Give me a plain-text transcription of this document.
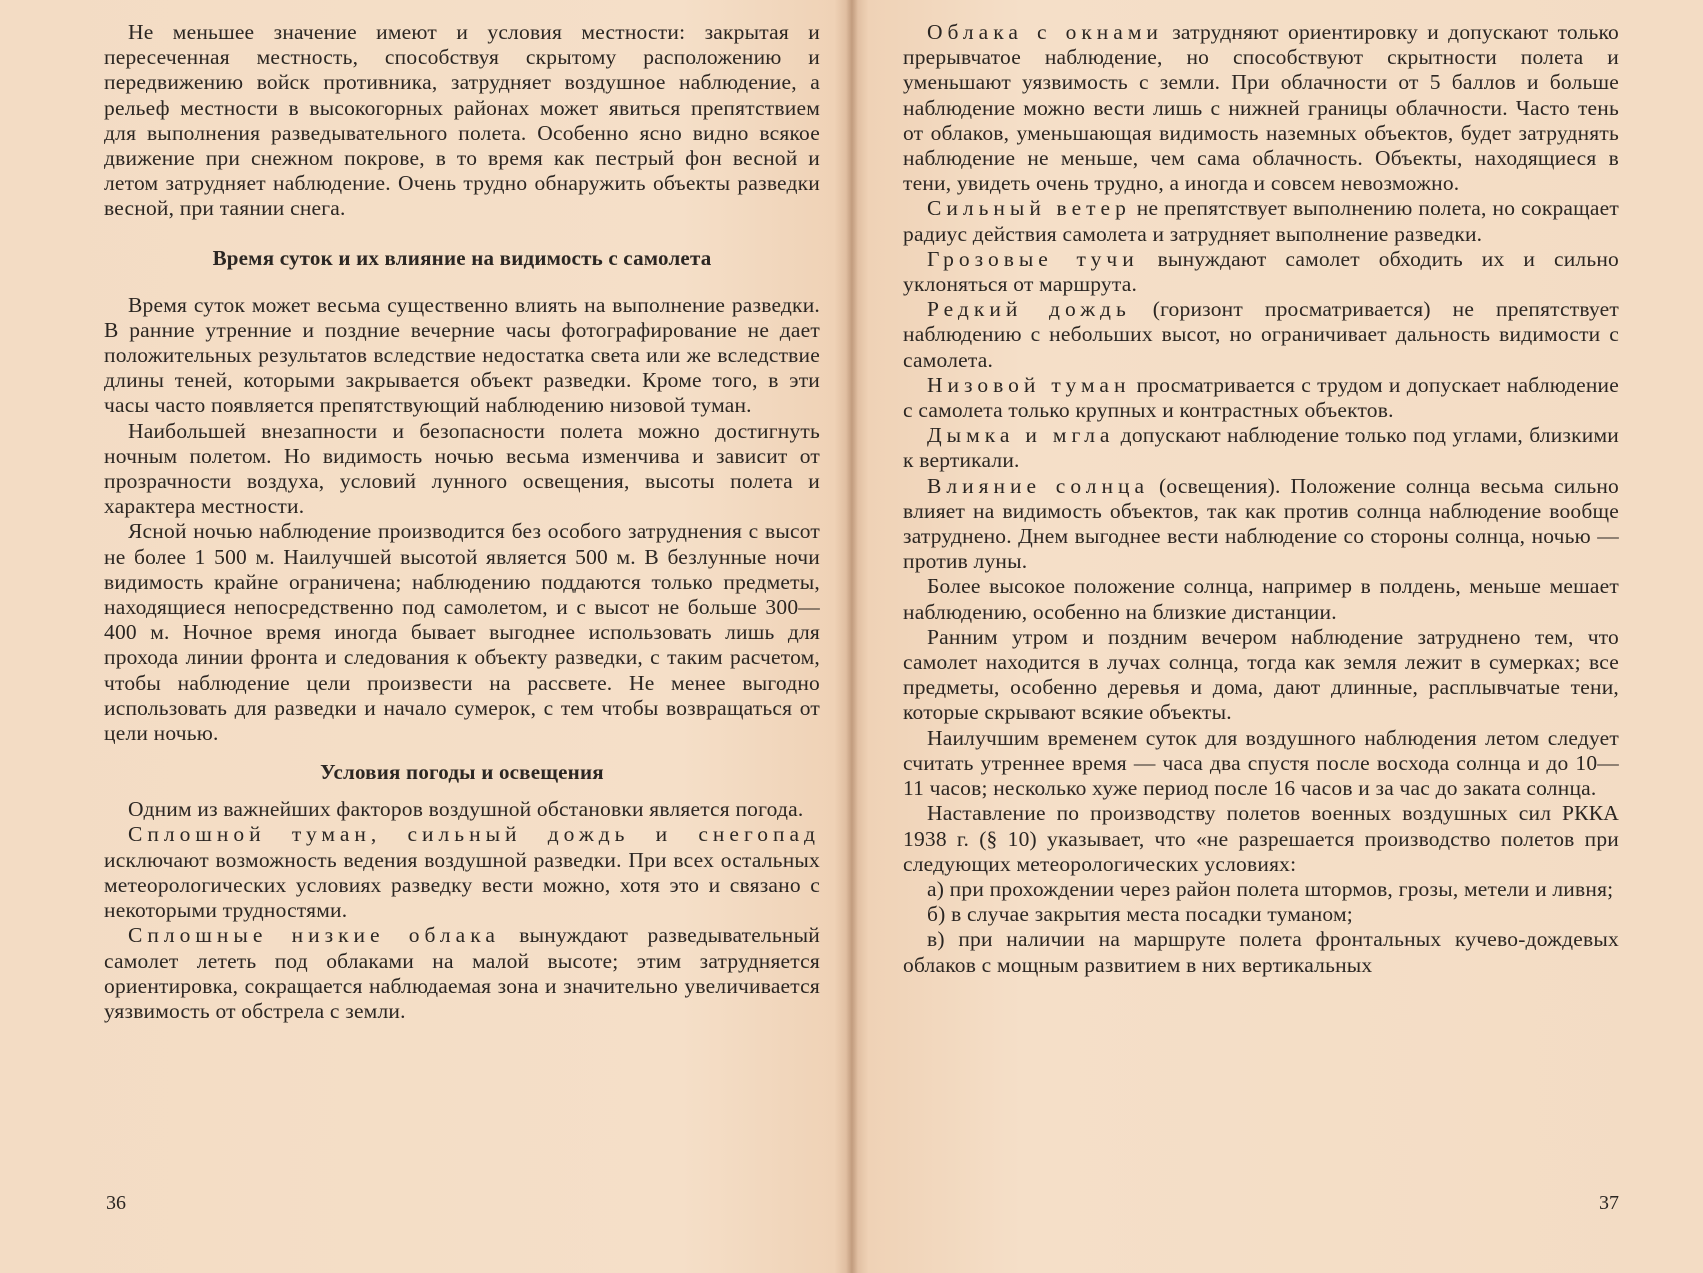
Не меньшее значение имеют и условия местности: закрытая и пересеченная местность, способствуя скрытому расположению и передвижению войск противника, затрудняет воздушное наблюдение, а рельеф местности в высокогорных районах может явиться препятствием для выполнения разведывательного полета. Особенно ясно видно всякое движение при снежном покрове, в то время как пестрый фон весной и летом затрудняет наблюдение. Очень трудно обнаружить объекты разведки весной, при таянии снега.

Время суток и их влияние на видимость с самолета

Время суток может весьма существенно влиять на выполнение разведки. В ранние утренние и поздние вечерние часы фотографирование не дает положительных результатов вследствие недостатка света или же вследствие длины теней, которыми закрывается объект разведки. Кроме того, в эти часы часто появляется препятствующий наблюдению низовой туман.

Наибольшей внезапности и безопасности полета можно достигнуть ночным полетом. Но видимость ночью весьма изменчива и зависит от прозрачности воздуха, условий лунного освещения, высоты полета и характера местности.

Ясной ночью наблюдение производится без особого затруднения с высот не более 1 500 м. Наилучшей высотой является 500 м. В безлунные ночи видимость крайне ограничена; наблюдению поддаются только предметы, находящиеся непосредственно под самолетом, и с высот не больше 300—400 м. Ночное время иногда бывает выгоднее использовать лишь для прохода линии фронта и следования к объекту разведки, с таким расчетом, чтобы наблюдение цели произвести на рассвете. Не менее выгодно использовать для разведки и начало сумерок, с тем чтобы возвращаться от цели ночью.

Условия погоды и освещения

Одним из важнейших факторов воздушной обстановки является погода.

Сплошной туман, сильный дождь и снегопад исключают возможность ведения воздушной разведки. При всех остальных метеорологических условиях разведку вести можно, хотя это и связано с некоторыми трудностями.

Сплошные низкие облака вынуждают разведывательный самолет лететь под облаками на малой высоте; этим затрудняется ориентировка, сокращается наблюдаемая зона и значительно увеличивается уязвимость от обстрела с земли.

36

Облака с окнами затрудняют ориентировку и допускают только прерывчатое наблюдение, но способствуют скрытности полета и уменьшают уязвимость с земли. При облачности от 5 баллов и больше наблюдение можно вести лишь с нижней границы облачности. Часто тень от облаков, уменьшающая видимость наземных объектов, будет затруднять наблюдение не меньше, чем сама облачность. Объекты, находящиеся в тени, увидеть очень трудно, а иногда и совсем невозможно.

Сильный ветер не препятствует выполнению полета, но сокращает радиус действия самолета и затрудняет выполнение разведки.

Грозовые тучи вынуждают самолет обходить их и сильно уклоняться от маршрута.

Редкий дождь (горизонт просматривается) не препятствует наблюдению с небольших высот, но ограничивает дальность видимости с самолета.

Низовой туман просматривается с трудом и допускает наблюдение с самолета только крупных и контрастных объектов.

Дымка и мгла допускают наблюдение только под углами, близкими к вертикали.

Влияние солнца (освещения). Положение солнца весьма сильно влияет на видимость объектов, так как против солнца наблюдение вообще затруднено. Днем выгоднее вести наблюдение со стороны солнца, ночью — против луны.

Более высокое положение солнца, например в полдень, меньше мешает наблюдению, особенно на близкие дистанции.

Ранним утром и поздним вечером наблюдение затруднено тем, что самолет находится в лучах солнца, тогда как земля лежит в сумерках; все предметы, особенно деревья и дома, дают длинные, расплывчатые тени, которые скрывают всякие объекты.

Наилучшим временем суток для воздушного наблюдения летом следует считать утреннее время — часа два спустя после восхода солнца и до 10—11 часов; несколько хуже период после 16 часов и за час до заката солнца.

Наставление по производству полетов военных воздушных сил РККА 1938 г. (§ 10) указывает, что «не разрешается производство полетов при следующих метеорологических условиях:

а) при прохождении через район полета штормов, грозы, метели и ливня;

б) в случае закрытия места посадки туманом;

в) при наличии на маршруте полета фронтальных кучево-дождевых облаков с мощным развитием в них вертикальных

37
